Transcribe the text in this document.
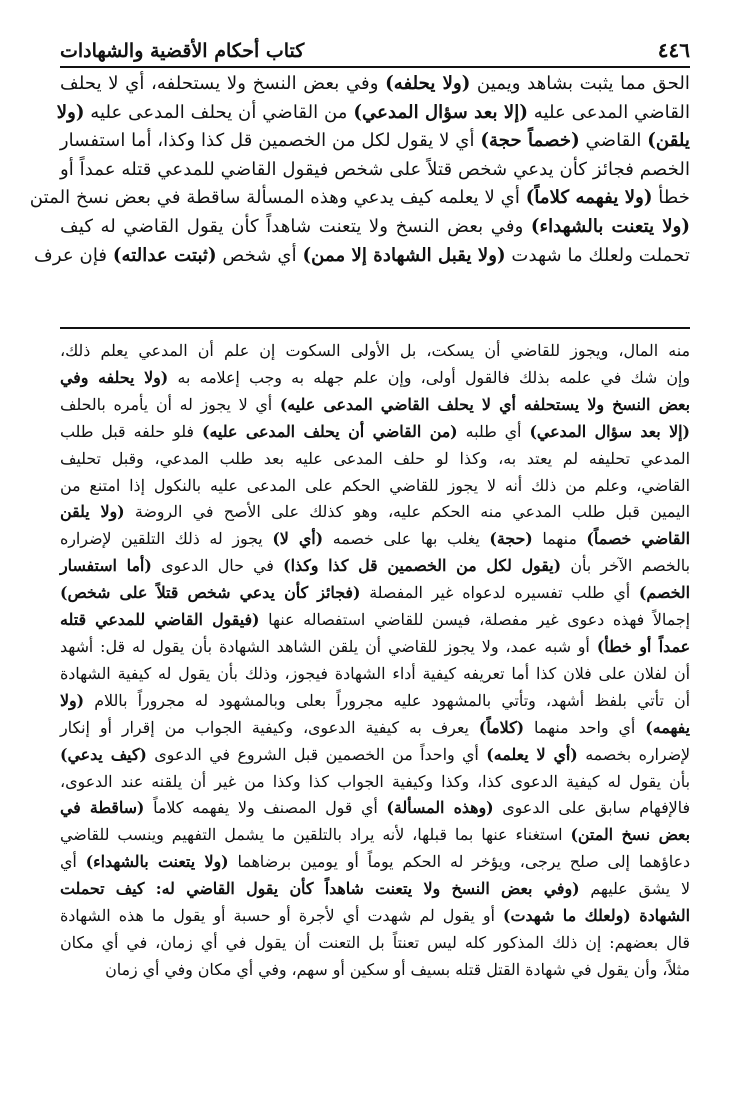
٤٤٦
كتاب أحكام الأقضية والشهادات
الحق مما يثبت بشاهد ويمين (ولا يحلفه) وفي بعض النسخ ولا يستحلفه، أي لا يحلف
القاضي المدعى عليه (إلا بعد سؤال المدعي) من القاضي أن يحلف المدعى عليه (ولا
يلقن) القاضي (خصماً حجة) أي لا يقول لكل من الخصمين قل كذا وكذا، أما استفسار
الخصم فجائز كأن يدعي شخص قتلاً على شخص فيقول القاضي للمدعي قتله عمداً أو
خطأ (ولا يفهمه كلاماً) أي لا يعلمه كيف يدعي وهذه المسألة ساقطة في بعض نسخ المتن
(ولا يتعنت بالشهداء) وفي بعض النسخ ولا يتعنت شاهداً كأن يقول القاضي له كيف
تحملت ولعلك ما شهدت (ولا يقبل الشهادة إلا ممن) أي شخص (ثبتت عدالته) فإن عرف
منه المال، ويجوز للقاضي أن يسكت، بل الأولى السكوت إن علم أن المدعي يعلم ذلك،
وإن شك في علمه بذلك فالقول أولى، وإن علم جهله به وجب إعلامه به (ولا يحلفه وفي
بعض النسخ ولا يستحلفه أي لا يحلف القاضي المدعى عليه) أي لا يجوز له أن يأمره بالحلف
(إلا بعد سؤال المدعي) أي طلبه (من القاضي أن يحلف المدعى عليه) فلو حلفه قبل طلب
المدعي تحليفه لم يعتد به، وكذا لو حلف المدعى عليه بعد طلب المدعي، وقبل تحليف
القاضي، وعلم من ذلك أنه لا يجوز للقاضي الحكم على المدعى عليه بالنكول إذا امتنع من
اليمين قبل طلب المدعي منه الحكم عليه، وهو كذلك على الأصح في الروضة (ولا يلقن
القاضي خصماً) منهما (حجة) يغلب بها على خصمه (أي لا) يجوز له ذلك التلقين لإضراره
بالخصم الآخر بأن (يقول لكل من الخصمين قل كذا وكذا) في حال الدعوى (أما استفسار
الخصم) أي طلب تفسيره لدعواه غير المفصلة (فجائز كأن يدعي شخص قتلاً على شخص)
إجمالاً فهذه دعوى غير مفصلة، فيسن للقاضي استفصاله عنها (فيقول القاضي للمدعي قتله
عمداً أو خطأ) أو شبه عمد، ولا يجوز للقاضي أن يلقن الشاهد الشهادة بأن يقول له قل: أشهد
أن لفلان على فلان كذا أما تعريفه كيفية أداء الشهادة فيجوز، وذلك بأن يقول له كيفية الشهادة
أن تأتي بلفظ أشهد، وتأتي بالمشهود عليه مجروراً بعلى وبالمشهود له مجروراً باللام (ولا
يفهمه) أي واحد منهما (كلاماً) يعرف به كيفية الدعوى، وكيفية الجواب من إقرار أو إنكار
لإضراره بخصمه (أي لا يعلمه) أي واحداً من الخصمين قبل الشروع في الدعوى (كيف يدعي)
بأن يقول له كيفية الدعوى كذا، وكذا وكيفية الجواب كذا وكذا من غير أن يلقنه عند الدعوى،
فالإفهام سابق على الدعوى (وهذه المسألة) أي قول المصنف ولا يفهمه كلاماً (ساقطة في
بعض نسخ المتن) استغناء عنها بما قبلها، لأنه يراد بالتلقين ما يشمل التفهيم وينسب للقاضي
دعاؤهما إلى صلح يرجى، ويؤخر له الحكم يوماً أو يومين برضاهما (ولا يتعنت بالشهداء) أي
لا يشق عليهم (وفي بعض النسخ ولا يتعنت شاهداً كأن يقول القاضي له: كيف تحملت
الشهادة (ولعلك ما شهدت) أو يقول لم شهدت أي لأجرة أو حسبة أو يقول ما هذه الشهادة
قال بعضهم: إن ذلك المذكور كله ليس تعنتاً بل التعنت أن يقول في أي زمان، في أي مكان
مثلاً، وأن يقول في شهادة القتل قتله بسيف أو سكين أو سهم، وفي أي مكان وفي أي زمان
